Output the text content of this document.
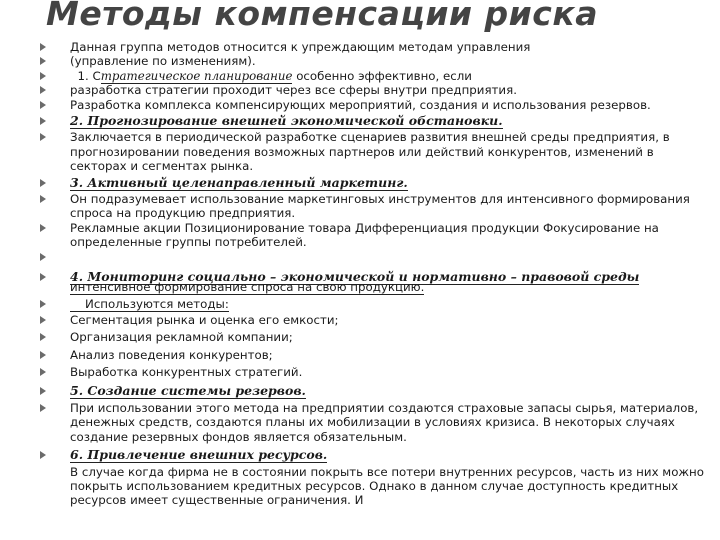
Методы компенсации риска
Данная группа методов относится к упреждающим методам управления
(управление по изменениям).
1. Стратегическое планирование особенно эффективно, если
разработка стратегии проходит через все сферы внутри предприятия.
Разработка комплекса компенсирующих мероприятий, создания и использования резервов.
2. Прогнозирование внешней экономической обстановки.
Заключается в периодической разработке сценариев развития внешней среды предприятия, в прогнозировании поведения возможных партнеров или действий конкурентов, изменений в секторах и сегментах рынка.
3. Активный целенаправленный маркетинг.
Он подразумевает использование маркетинговых инструментов для интенсивного формирования спроса на продукцию предприятия.
Рекламные акции Позиционирование товара Дифференциация продукции Фокусирование на определенные группы потребителей.
4. Мониторинг социально – экономической и нормативно – правовой среды
интенсивное формирование спроса на свою продукцию.
Используются методы:
Сегментация рынка и оценка его емкости;
Организация рекламной компании;
Анализ поведения конкурентов;
Выработка конкурентных стратегий.
5. Создание системы резервов.
При использовании этого метода на предприятии создаются страховые запасы сырья, материалов, денежных средств, создаются планы их мобилизации в условиях кризиса. В некоторых случаях создание резервных фондов является обязательным.
6. Привлечение внешних ресурсов.
В случае когда фирма не в состоянии покрыть все потери внутренних ресурсов, часть из них можно покрыть использованием кредитных ресурсов. Однако в данном случае доступность кредитных ресурсов имеет существенные ограничения. И
